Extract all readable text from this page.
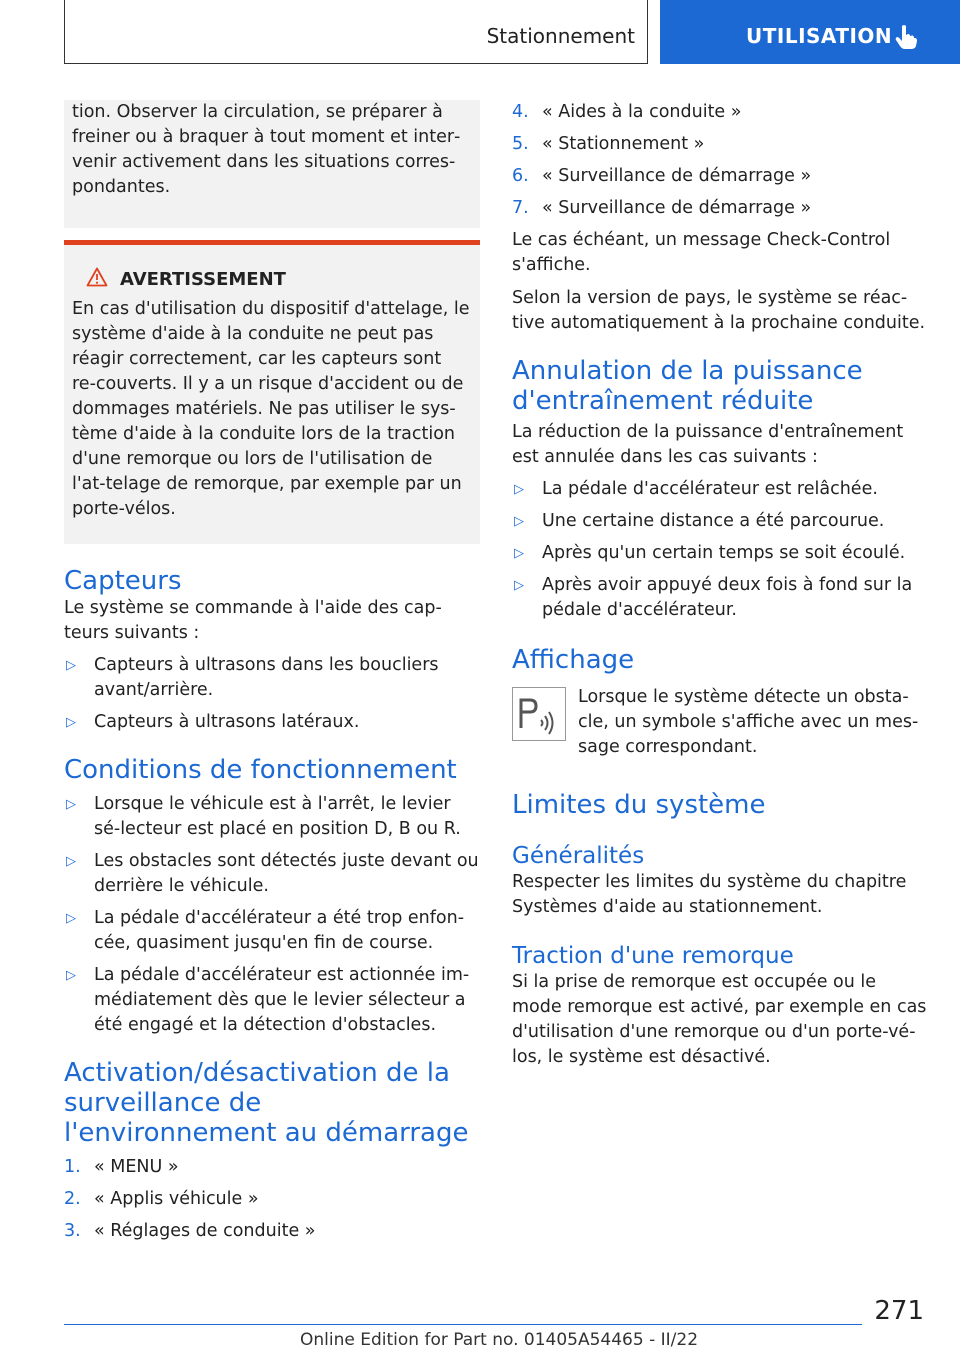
Stationnement	UTILISATION

tion. Observer la circulation, se préparer à freiner ou à braquer à tout moment et inter‐venir activement dans les situations corres‐pondantes.

AVERTISSEMENT

En cas d'utilisation du dispositif d'attelage, le système d'aide à la conduite ne peut pas réagir correctement, car les capteurs sont re‐couverts. Il y a un risque d'accident ou de dommages matériels. Ne pas utiliser le sys‐tème d'aide à la conduite lors de la traction d'une remorque ou lors de l'utilisation de l'at‐telage de remorque, par exemple par un porte-vélos.

Capteurs

Le système se commande à l'aide des cap‐teurs suivants :

▷ Capteurs à ultrasons dans les boucliers avant/arrière.
▷ Capteurs à ultrasons latéraux.
Conditions de fonctionnement
▷ Lorsque le véhicule est à l'arrêt, le levier sé‐lecteur est placé en position D, B ou R.
▷ Les obstacles sont détectés juste devant ou derrière le véhicule.
▷ La pédale d'accélérateur a été trop enfon‐cée, quasiment jusqu'en fin de course.
▷ La pédale d'accélérateur est actionnée im‐médiatement dès que le levier sélecteur a été engagé et la détection d'obstacles.
Activation/désactivation de la surveillance de l'environnement au démarrage
1. « MENU »
2. « Applis véhicule »
3. « Réglages de conduite »
4. « Aides à la conduite »
5. « Stationnement »
6. « Surveillance de démarrage »
7. « Surveillance de démarrage »

Le cas échéant, un message Check-Control s'affiche.

Selon la version de pays, le système se réac‐tive automatiquement à la prochaine conduite.

Annulation de la puissance d'entraînement réduite

La réduction de la puissance d'entraînement est annulée dans les cas suivants :

▷ La pédale d'accélérateur est relâchée.
▷ Une certaine distance a été parcourue.
▷ Après qu'un certain temps se soit écoulé.
▷ Après avoir appuyé deux fois à fond sur la pédale d'accélérateur.
Affichage

Lorsque le système détecte un obsta‐cle, un symbole s'affiche avec un mes‐sage correspondant.

Limites du système
Généralités

Respecter les limites du système du chapitre Systèmes d'aide au stationnement.

Traction d'une remorque

Si la prise de remorque est occupée ou le mode remorque est activé, par exemple en cas d'utilisation d'une remorque ou d'un porte-vé‐los, le système est désactivé.

271
Online Edition for Part no. 01405A54465 - II/22
